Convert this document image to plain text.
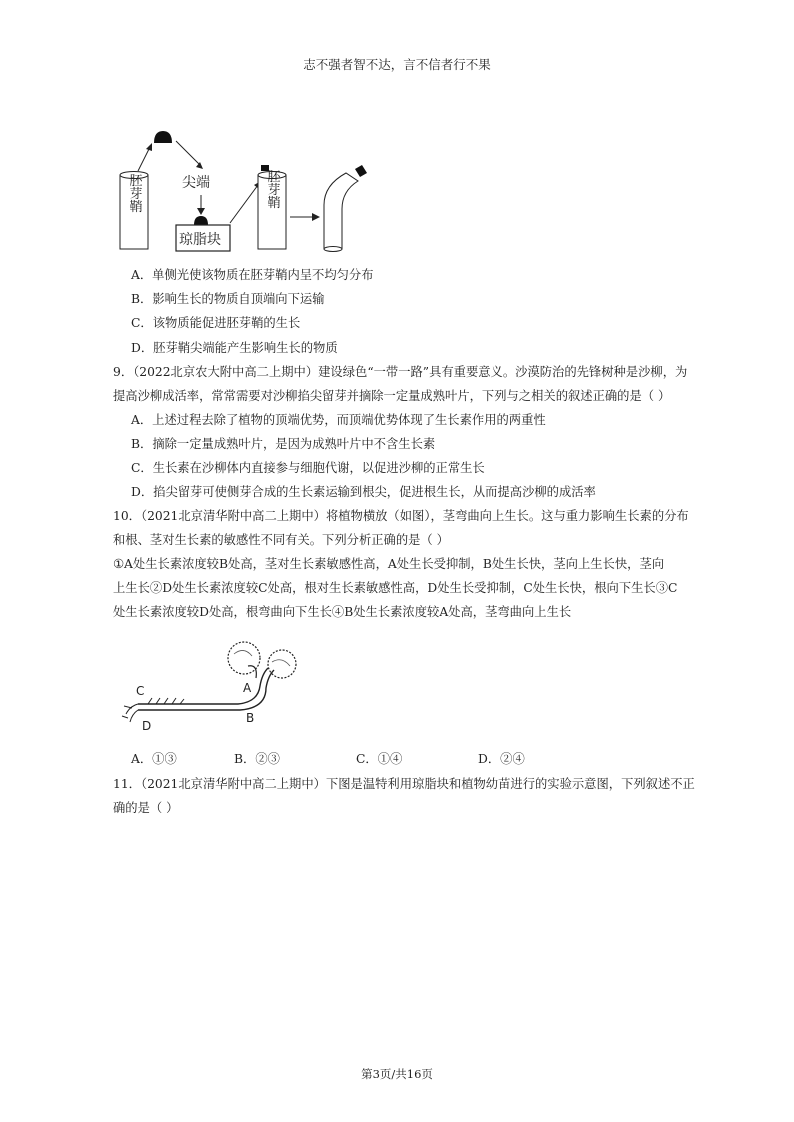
志不强者智不达，言不信者行不果
胚芽鞘	尖端
琼脂块
胚芽鞘
A．单侧光使该物质在胚芽鞘内呈不均匀分布
B．影响生长的物质自顶端向下运输
C．该物质能促进胚芽鞘的生长
D．胚芽鞘尖端能产生影响生长的物质
9．（2022北京农大附中高二上期中）建设绿色“一带一路”具有重要意义。沙漠防治的先锋树种是沙柳，为
提高沙柳成活率，常常需要对沙柳掐尖留芽并摘除一定量成熟叶片，下列与之相关的叙述正确的是（ ）
A．上述过程去除了植物的顶端优势，而顶端优势体现了生长素作用的两重性
B．摘除一定量成熟叶片，是因为成熟叶片中不含生长素
C．生长素在沙柳体内直接参与细胞代谢，以促进沙柳的正常生长
D．掐尖留芽可使侧芽合成的生长素运输到根尖，促进根生长，从而提高沙柳的成活率
10．（2021北京清华附中高二上期中）将植物横放（如图），茎弯曲向上生长。这与重力影响生长素的分布
和根、茎对生长素的敏感性不同有关。下列分析正确的是（ ）
①A处生长素浓度较B处高，茎对生长素敏感性高，A处生长受抑制，B处生长快，茎向上生长快，茎向
上生长②D处生长素浓度较C处高，根对生长素敏感性高，D处生长受抑制，C处生长快，根向下生长③C
处生长素浓度较D处高，根弯曲向下生长④B处生长素浓度较A处高，茎弯曲向上生长
C
D
A
B
A．①③	B．②③	C．①④	D．②④
11．（2021北京清华附中高二上期中）下图是温特利用琼脂块和植物幼苗进行的实验示意图，下列叙述不正
确的是（ ）
第3页/共16页
